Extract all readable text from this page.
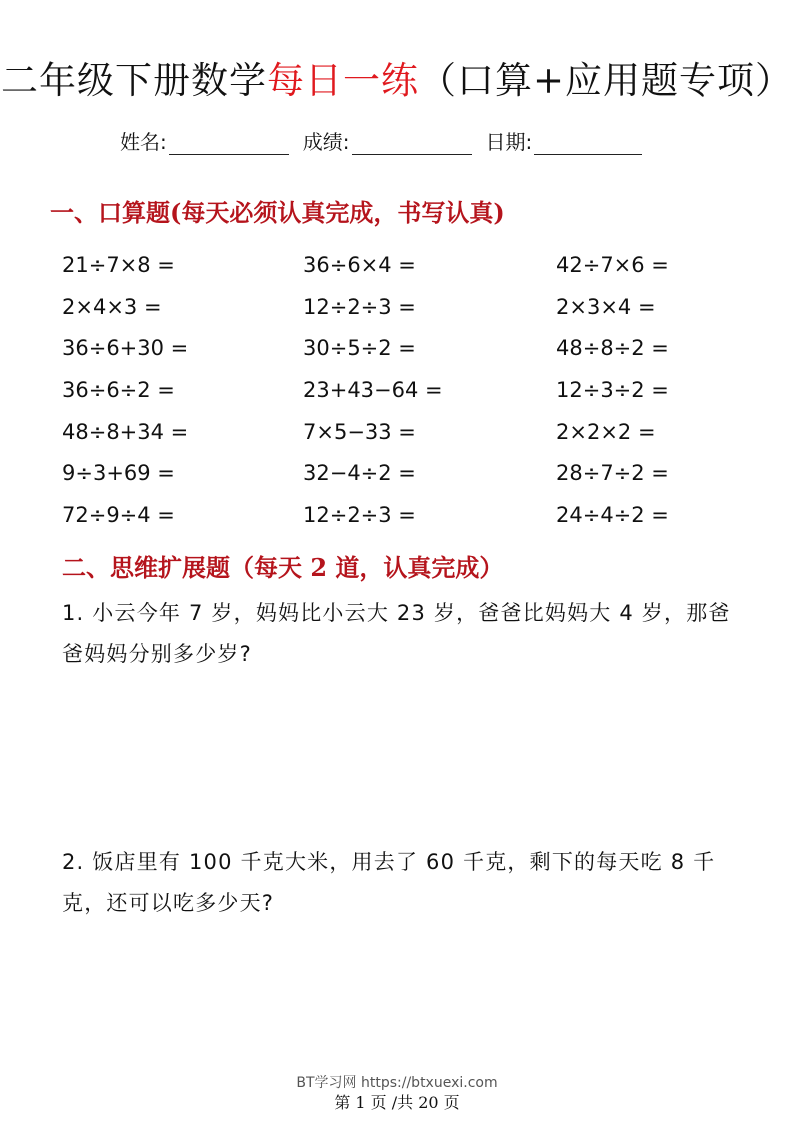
二年级下册数学每日一练（口算+应用题专项）
姓名:	成绩:	日期:
一、口算题(每天必须认真完成，书写认真)
21÷7×8 =	36÷6×4 =	42÷7×6 =
2×4×3 =	12÷2÷3 =	2×3×4 =
36÷6+30 =	30÷5÷2 =	48÷8÷2 =
36÷6÷2 =	23+43−64 =	12÷3÷2 =
48÷8+34 =	7×5−33 =	2×2×2 =
9÷3+69 =	32−4÷2 =	28÷7÷2 =
72÷9÷4 =	12÷2÷3 =	24÷4÷2 =
二、思维扩展题（每天 2 道，认真完成）
1. 小云今年 7 岁，妈妈比小云大 23 岁，爸爸比妈妈大 4 岁，那爸爸妈妈分别多少岁?
2. 饭店里有 100 千克大米，用去了 60 千克，剩下的每天吃 8 千克，还可以吃多少天?
BT学习网 https://btxuexi.com
第 1 页 /共 20 页
